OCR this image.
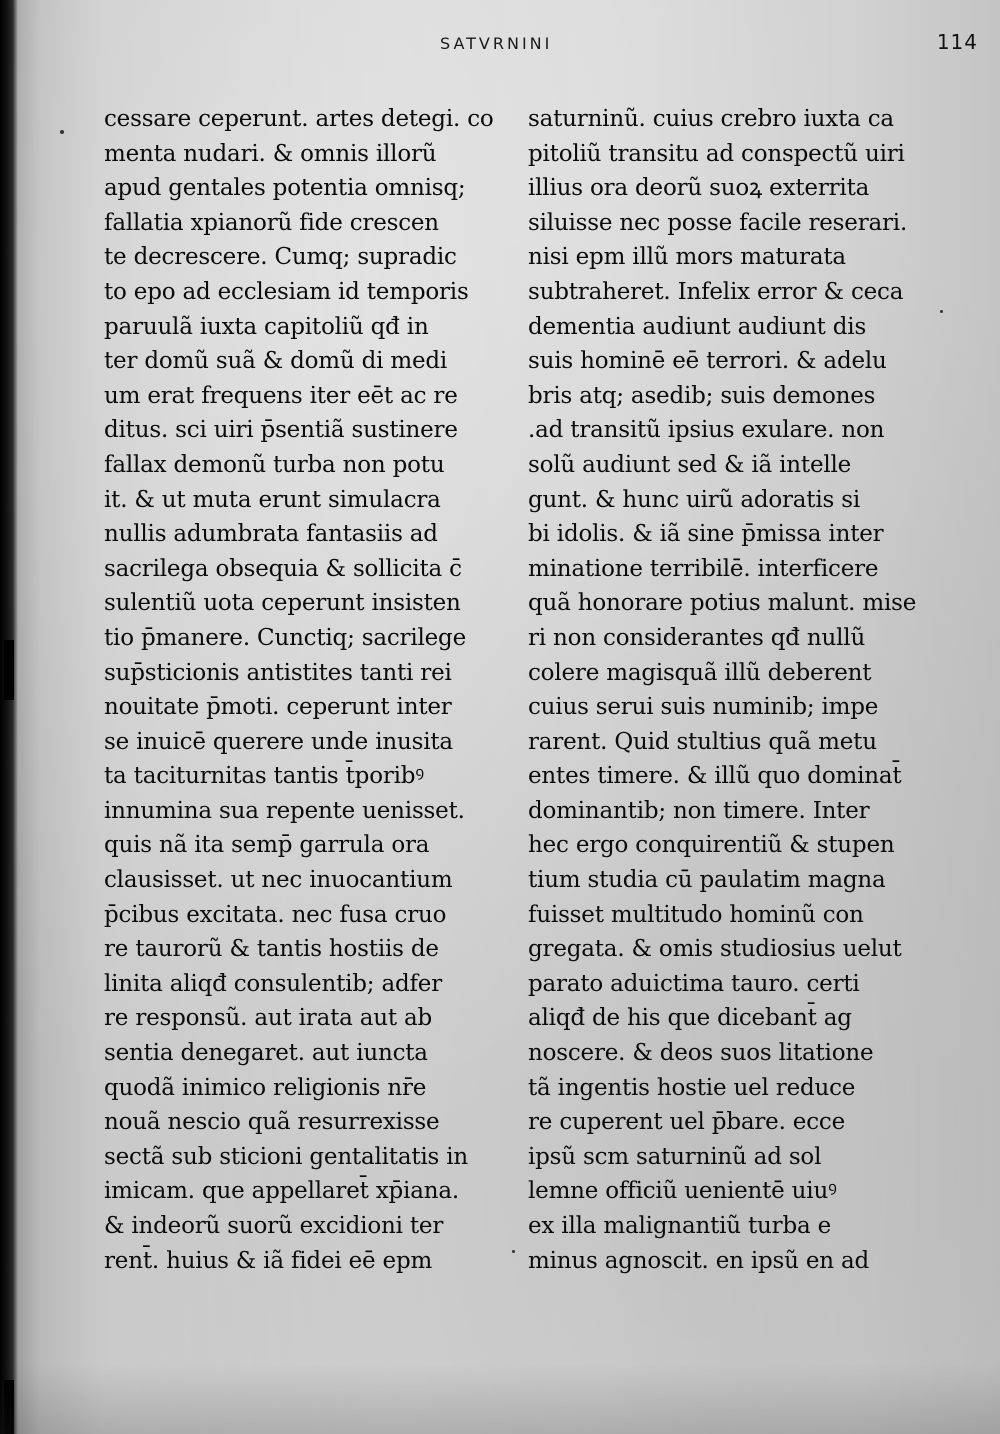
SATVRNINI	114
cessare ceperunt. artes detegi. co
menta nudari. & omnis illorũ
apud gentales potentia omnisq;
fallatia xpianorũ fide crescen
te decrescere. Cumq; supradic
to epo ad ecclesiam id temporis
paruulã iuxta capitoliũ qđ in
ter domũ suã & domũ di medi
um erat frequens iter eēt ac re
ditus. sci uiri p̄sentiã sustinere
fallax demonũ turba non potu
it. & ut muta erunt simulacra
nullis adumbrata fantasiis ad
sacrilega obsequia & sollicita c̄
sulentiũ uota ceperunt insisten
tio p̄manere. Cunctiq; sacrilege
sup̄sticionis antistites tanti rei
nouitate p̄moti. ceperunt inter
se inuicē querere unde inusita
ta taciturnitas tantis t̄poribꝰ
innumina sua repente uenisset.
quis nã ita semp̄ garrula ora
clausisset. ut nec inuocantium
p̄cibus excitata. nec fusa cruo
re taurorũ & tantis hostiis de
linita aliqđ consulentib; adfer
re responsũ. aut irata aut ab
sentia denegaret. aut iuncta
quodã inimico religionis nr̄e
nouã nescio quã resurrexisse
sectã sub sticioni gentalitatis in
imicam. que appellaret̄ xp̄iana.
& indeorũ suorũ excidioni ter
rent̄. huius & iã fidei eē epm
saturninũ. cuius crebro iuxta ca
pitoliũ transitu ad conspectũ uiri
illius ora deorũ suoꝝ exterrita
siluisse nec posse facile reserari.
nisi epm illũ mors maturata
subtraheret. Infelix error & ceca
dementia audiunt audiunt dis
suis hominē eē terrori. & adelu
bris atq; asedib; suis demones
.ad transitũ ipsius exulare. non
solũ audiunt sed & iã intelle
gunt. & hunc uirũ adoratis si
bi idolis. & iã sine p̄missa inter
minatione terribilē. interficere
quã honorare potius malunt. mise
ri non considerantes qđ nullũ
colere magisquã illũ deberent
cuius serui suis numinib; impe
rarent. Quid stultius quã metu
entes timere. & illũ quo dominat̄
dominantib; non timere. Inter
hec ergo conquirentiũ & stupen
tium studia cū paulatim magna
fuisset multitudo hominũ con
gregata. & omis studiosius uelut
parato aduictima tauro. certi
aliqđ de his que dicebant̄ ag
noscere. & deos suos litatione
tã ingentis hostie uel reduce
re cuperent uel p̄bare. ecce
ipsũ scm saturninũ ad sol
lemne officiũ uenientē uiuꝰ
ex illa malignantiũ turba e
minus agnoscit. en ipsũ en ad
